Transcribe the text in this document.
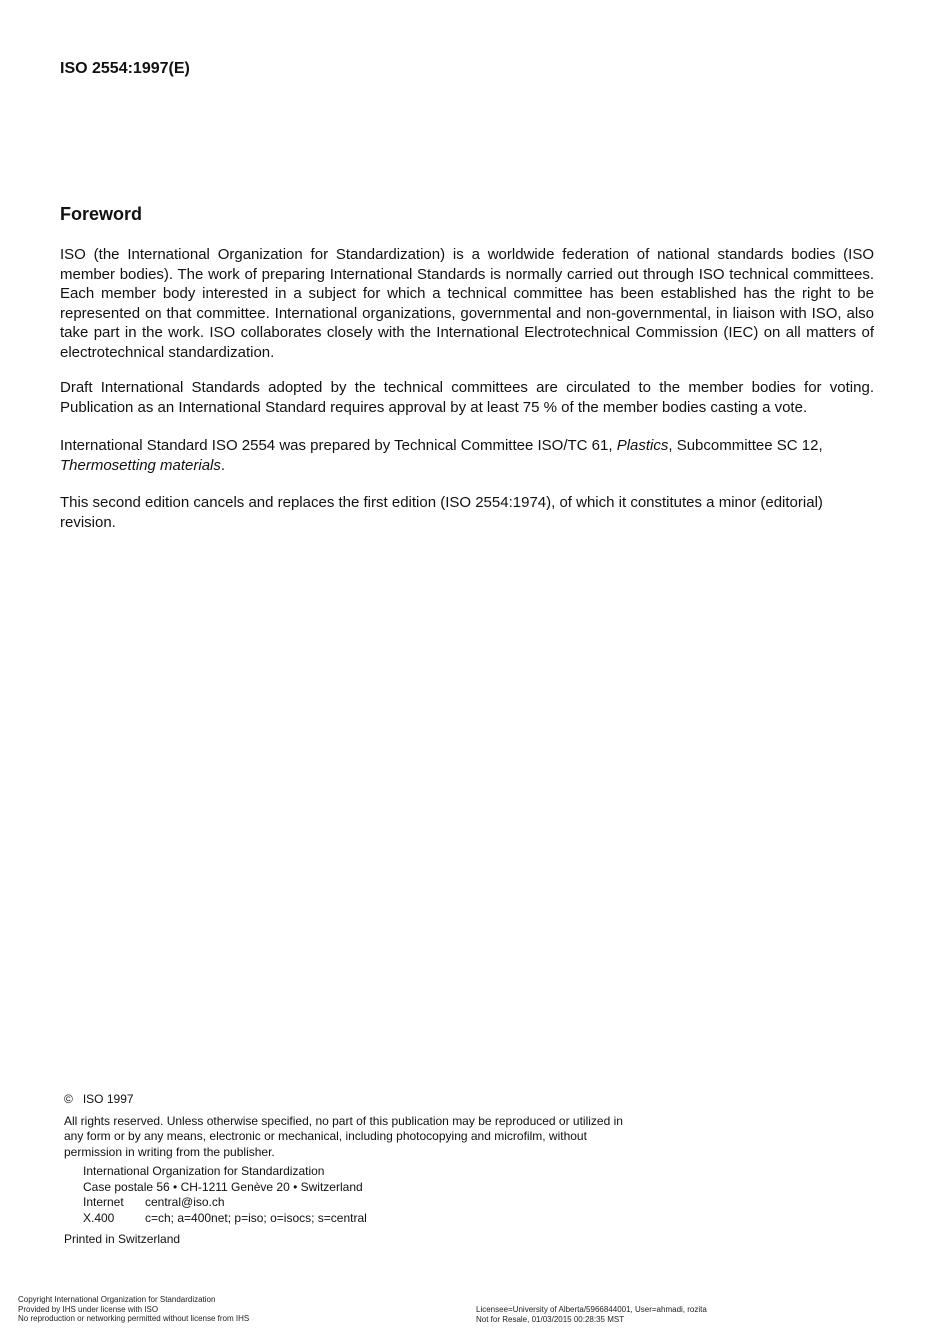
ISO 2554:1997(E)
Foreword

ISO (the International Organization for Standardization) is a worldwide federation of national standards bodies (ISO member bodies). The work of preparing International Standards is normally carried out through ISO technical committees. Each member body interested in a subject for which a technical committee has been established has the right to be represented on that committee. International organizations, governmental and non-governmental, in liaison with ISO, also take part in the work. ISO collaborates closely with the International Electrotechnical Commission (IEC) on all matters of electrotechnical standardization.

Draft International Standards adopted by the technical committees are circulated to the member bodies for voting. Publication as an International Standard requires approval by at least 75 % of the member bodies casting a vote.

International Standard ISO 2554 was prepared by Technical Committee ISO/TC 61, Plastics, Subcommittee SC 12, Thermosetting materials.

This second edition cancels and replaces the first edition (ISO 2554:1974), of which it constitutes a minor (editorial) revision.

© ISO 1997
All rights reserved. Unless otherwise specified, no part of this publication may be reproduced or utilized in any form or by any means, electronic or mechanical, including photocopying and microfilm, without permission in writing from the publisher.
International Organization for Standardization
Case postale 56 • CH-1211 Genève 20 • Switzerland
Internet	central@iso.ch
X.400	c=ch; a=400net; p=iso; o=isocs; s=central
Printed in Switzerland
Copyright International Organization for Standardization
Provided by IHS under license with ISO
No reproduction or networking permitted without license from IHS
Licensee=University of Alberta/5966844001, User=ahmadi, rozita
Not for Resale, 01/03/2015 00:28:35 MST
